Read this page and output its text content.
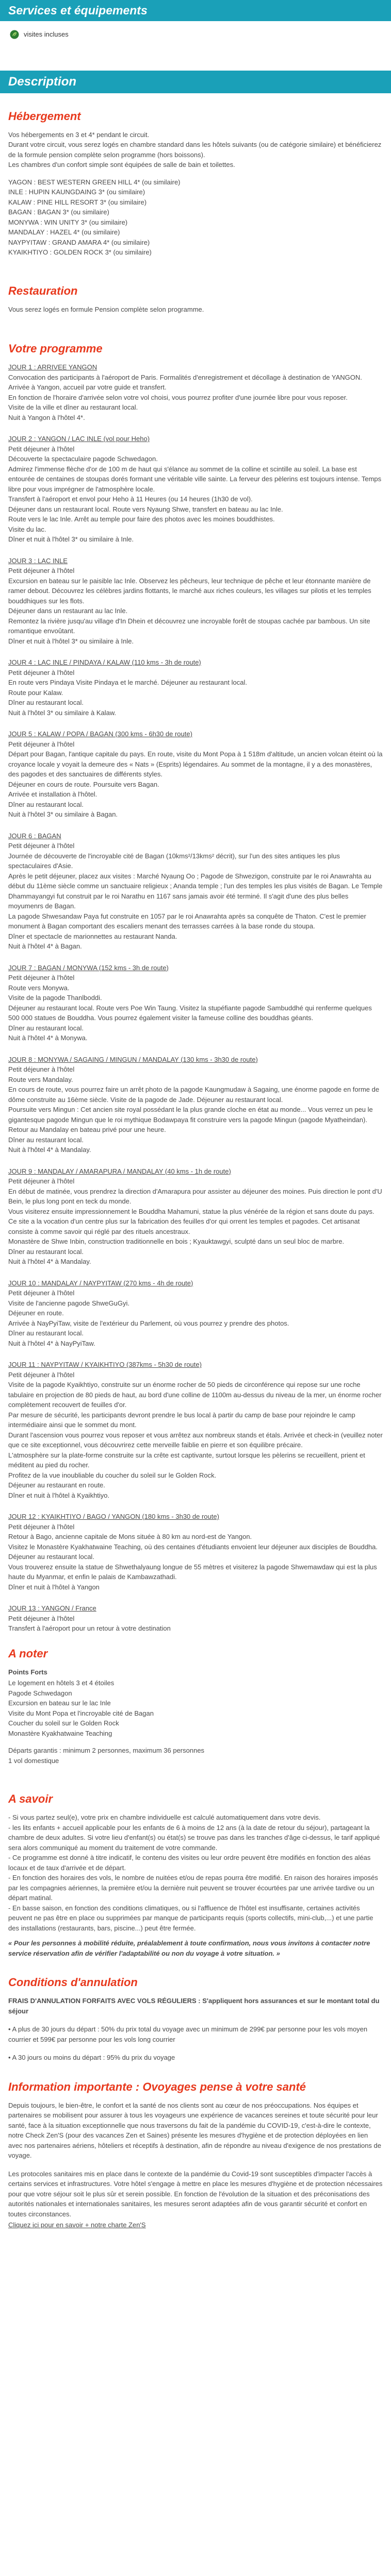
Services et équipements
visites incluses
Description
Hébergement

Vos hébergements en 3 et 4* pendant le circuit.

Durant votre circuit, vous serez logés en chambre standard dans les hôtels suivants (ou de catégorie similaire) et bénéficierez de la formule pension complète selon programme (hors boissons).

Les chambres d'un confort simple sont équipées de salle de bain et toilettes.

YAGON : BEST WESTERN GREEN HILL 4* (ou similaire)

INLE : HUPIN KAUNGDAING 3* (ou similaire)

KALAW : PINE HILL RESORT 3* (ou similaire)

BAGAN : BAGAN 3* (ou similaire)

MONYWA : WIN UNITY 3* (ou similaire)

MANDALAY : HAZEL 4* (ou similaire)

NAYPYITAW : GRAND AMARA 4* (ou similaire)

KYAIKHTIYO : GOLDEN ROCK 3* (ou similaire)

Restauration

Vous serez logés en formule Pension complète selon programme.

Votre programme

JOUR 1 : ARRIVEE YANGON

Convocation des participants à l'aéroport de Paris. Formalités d'enregistrement et décollage à destination de YANGON.

Arrivée à Yangon, accueil par votre guide et transfert.

En fonction de l'horaire d'arrivée selon votre vol choisi, vous pourrez profiter d'une journée libre pour vous reposer.

Visite de la ville et dîner au restaurant local.

Nuit à Yangon à l'hôtel 4*.

JOUR 2 : YANGON / LAC INLE (vol pour Heho)

Petit déjeuner à l'hôtel

Découverte la spectaculaire pagode Schwedagon.

Admirez l'immense flèche d'or de 100 m de haut qui s'élance au sommet de la colline et scintille au soleil. La base est entourée de centaines de stoupas dorés formant une véritable ville sainte. La ferveur des pèlerins est toujours intense. Temps libre pour vous imprégner de l'atmosphère locale.

Transfert à l'aéroport et envol pour Heho à 11 Heures (ou 14 heures (1h30 de vol).

Déjeuner dans un restaurant local. Route vers Nyaung Shwe, transfert en bateau au lac Inle.

Route vers le lac Inle. Arrêt au temple pour faire des photos avec les moines bouddhistes.

Visite du lac.

Dîner et nuit à l'hôtel 3* ou similaire à Inle.

JOUR 3 : LAC INLE

Petit déjeuner à l'hôtel

Excursion en bateau sur le paisible lac Inle. Observez les pêcheurs, leur technique de pêche et leur étonnante manière de ramer debout. Découvrez les célèbres jardins flottants, le marché aux riches couleurs, les villages sur pilotis et les temples bouddhiques sur les flots.

Déjeuner dans un restaurant au lac Inle.

Remontez la rivière jusqu'au village d'In Dhein et découvrez une incroyable forêt de stoupas cachée par bambous. Un site romantique envoûtant.

Dîner et nuit à l'hôtel 3* ou similaire à Inle.

JOUR 4 : LAC INLE / PINDAYA / KALAW (110 kms - 3h de route)

Petit déjeuner à l'hôtel

En route vers Pindaya Visite Pindaya et le marché. Déjeuner au restaurant local.

Route pour Kalaw.

Dîner au restaurant local.

Nuit à l'hôtel 3* ou similaire à Kalaw.

JOUR 5 : KALAW / POPA / BAGAN (300 kms - 6h30 de route)

Petit déjeuner à l'hôtel

Départ pour Bagan, l'antique capitale du pays. En route, visite du Mont Popa à 1 518m d'altitude, un ancien volcan éteint où la croyance locale y voyait la demeure des « Nats » (Esprits) légendaires. Au sommet de la montagne, il y a des monastères, des pagodes et des sanctuaires de différents styles.

Déjeuner en cours de route. Poursuite vers Bagan.

Arrivée et installation à l'hôtel.

Dîner au restaurant local.

Nuit à l'hôtel 3* ou similaire à Bagan.

JOUR 6 : BAGAN

Petit déjeuner à l'hôtel

Journée de découverte de l'incroyable cité de Bagan (10kms²/13kms² décrit), sur l'un des sites antiques les plus spectaculaires d'Asie.

Après le petit déjeuner, placez aux visites : Marché Nyaung Oo ; Pagode de Shwezigon, construite par le roi Anawrahta au début du 11ème siècle comme un sanctuaire religieux ; Ananda temple ; l'un des temples les plus visités de Bagan. Le Temple Dhammayangyi fut construit par le roi Narathu en 1167 sans jamais avoir été terminé. Il s'agit d'une des plus belles moyumenrs de Bagan.

La pagode Shwesandaw Paya fut construite en 1057 par le roi Anawrahta après sa conquête de Thaton. C'est le premier monument à Bagan comportant des escaliers menant des terrasses carrées à la base ronde du stoupa.

Dîner et spectacle de marionnettes au restaurant Nanda.

Nuit à l'hôtel 4* à Bagan.

JOUR 7 : BAGAN / MONYWA (152 kms - 3h de route)

Petit déjeuner à l'hôtel

Route vers Monywa.

Visite de la pagode Thanlboddi.

Déjeuner au restaurant local. Route vers Poe Win Taung. Visitez la stupéfiante pagode Sambuddhé qui renferme quelques 500 000 statues de Bouddha. Vous pourrez également visiter la fameuse colline des bouddhas géants.

Dîner au restaurant local.

Nuit à l'hôtel 4* à Monywa.

JOUR 8 : MONYWA / SAGAING / MINGUN / MANDALAY (130 kms - 3h30 de route)

Petit déjeuner à l'hôtel

Route vers Mandalay.

En cours de route, vous pourrez faire un arrêt photo de la pagode Kaungmudaw à Sagaing, une énorme pagode en forme de dôme construite au 16ème siècle. Visite de la pagode de Jade. Déjeuner au restaurant local.

Poursuite vers Mingun : Cet ancien site royal possédant le la plus grande cloche en état au monde... Vous verrez un peu le gigantesque pagode Mingun que le roi mythique Bodawpaya fit construire vers la pagode Mingun (pagode Myatheindan).

Retour au Mandalay en bateau privé pour une heure.

Dîner au restaurant local.

Nuit à l'hôtel 4* à Mandalay.

JOUR 9 : MANDALAY / AMARAPURA / MANDALAY (40 kms - 1h de route)

Petit déjeuner à l'hôtel

En début de matinée, vous prendrez la direction d'Amarapura pour assister au déjeuner des moines. Puis direction le pont d'U Bein, le plus long pont en teck du monde.

Vous visiterez ensuite impressionnement le Bouddha Mahamuni, statue la plus vénérée de la région et sans doute du pays. Ce site a la vocation d'un centre plus sur la fabrication des feuilles d'or qui orrent les temples et pagodes. Cet artisanat consiste à comme savoir qui réglé par des rituels ancestraux.

Monastère de Shwe Inbin, construction traditionnelle en bois ; Kyauktawgyi, sculpté dans un seul bloc de marbre.

Dîner au restaurant local.

Nuit à l'hôtel 4* à Mandalay.

JOUR 10 : MANDALAY / NAYPYITAW (270 kms - 4h de route)

Petit déjeuner à l'hôtel

Visite de l'ancienne pagode ShweGuGyi.

Déjeuner en route.

Arrivée à NayPyiTaw, visite de l'extérieur du Parlement, où vous pourrez y prendre des photos.

Dîner au restaurant local.

Nuit à l'hôtel 4* à NayPyiTaw.

JOUR 11 : NAYPYITAW / KYAIKHTIYO (387kms - 5h30 de route)

Petit déjeuner à l'hôtel

Visite de la pagode Kyaikhtiyo, construite sur un énorme rocher de 50 pieds de circonférence qui repose sur une roche tabulaire en projection de 80 pieds de haut, au bord d'une colline de 1100m au-dessus du niveau de la mer, un énorme rocher complètement recouvert de feuilles d'or.

Par mesure de sécurité, les participants devront prendre le bus local à partir du camp de base pour rejoindre le camp intermédiaire ainsi que le sommet du mont.

Durant l'ascension vous pourrez vous reposer et vous arrêtez aux nombreux stands et étals. Arrivée et check-in (veuillez noter que ce site exceptionnel, vous découvrirez cette merveille faiblie en pierre et son équilibre précaire.

L'atmosphère sur la plate-forme construite sur la crête est captivante, surtout lorsque les pèlerins se recueillent, prient et méditent au pied du rocher.

Profitez de la vue inoubliable du coucher du soleil sur le Golden Rock.

Déjeuner au restaurant en route.

Dîner et nuit à l'hôtel à Kyaikhtiyo.

JOUR 12 : KYAIKHTIYO / BAGO / YANGON (180 kms - 3h30 de route)

Petit déjeuner à l'hôtel

Retour à Bago, ancienne capitale de Mons située à 80 km au nord-est de Yangon.

Visitez le Monastère Kyakhatwaine Teaching, où des centaines d'étudiants envoient leur déjeuner aux disciples de Bouddha.

Déjeuner au restaurant local.

Vous trouverez ensuite la statue de Shwethalyaung longue de 55 mètres et visiterez la pagode Shwemawdaw qui est la plus haute du Myanmar, et enfin le palais de Kambawzathadi.

Dîner et nuit à l'hôtel à Yangon

JOUR 13 : YANGON / France

Petit déjeuner à l'hôtel

Transfert à l'aéroport pour un retour à votre destination

A noter

Points Forts

Le logement en hôtels 3 et 4 étoiles

Pagode Schwedagon

Excursion en bateau sur le lac Inle

Visite du Mont Popa et l'incroyable cité de Bagan

Coucher du soleil sur le Golden Rock

Monastère Kyakhatwaine Teaching

Départs garantis : minimum 2 personnes, maximum 36 personnes

1 vol domestique

A savoir

- Si vous partez seul(e), votre prix en chambre individuelle est calculé automatiquement dans votre devis.

- les lits enfants + accueil applicable pour les enfants de 6 à moins de 12 ans (à la date de retour du séjour), partageant la chambre de deux adultes. Si votre lieu d'enfant(s) ou état(s) se trouve pas dans les tranches d'âge ci-dessus, le tarif appliqué sera alors communiqué au moment du traitement de votre commande.

- Ce programme est donné à titre indicatif, le contenu des visites ou leur ordre peuvent être modifiés en fonction des aléas locaux et de taux d'arrivée et de départ.

- En fonction des horaires des vols, le nombre de nuitées et/ou de repas pourra être modifié. En raison des horaires imposés par les compagnies aériennes, la première et/ou la dernière nuit peuvent se trouver écourtées par une arrivée tardive ou un départ matinal.

- En basse saison, en fonction des conditions climatiques, ou si l'affluence de l'hôtel est insuffisante, certaines activités peuvent ne pas être en place ou supprimées par manque de participants requis (sports collectifs, mini-club,...) et une partie des installations (restaurants, bars, piscine...) peut être fermée.

« Pour les personnes à mobilité réduite, préalablement à toute confirmation, nous vous invitons à contacter notre service réservation afin de vérifier l'adaptabilité ou non du voyage à votre situation. »

Conditions d'annulation

FRAIS D'ANNULATION FORFAITS AVEC VOLS RÉGULIERS : S'appliquent hors assurances et sur le montant total du séjour

• A plus de 30 jours du départ : 50% du prix total du voyage avec un minimum de 299€ par personne pour les vols moyen courrier et 599€ par personne pour les vols long courrier

• A 30 jours ou moins du départ : 95% du prix du voyage

Information importante : Ovoyages pense à votre santé

Depuis toujours, le bien-être, le confort et la santé de nos clients sont au cœur de nos préoccupations. Nos équipes et partenaires se mobilisent pour assurer à tous les voyageurs une expérience de vacances sereines et toute sécurité pour leur santé, face à la situation exceptionnelle que nous traversons du fait de la pandémie du COVID-19, c'est-à-dire le contexte, notre Check Zen'S (pour des vacances Zen et Saines) présente les mesures d'hygiène et de protection déployées en lien avec nos partenaires aériens, hôteliers et réceptifs à destination, afin de répondre au niveau d'exigence de nos prestations de voyage.

Les protocoles sanitaires mis en place dans le contexte de la pandémie du Covid-19 sont susceptibles d'impacter l'accès à certains services et infrastructures. Votre hôtel s'engage à mettre en place les mesures d'hygiène et de protection nécessaires pour que votre séjour soit le plus sûr et serein possible. En fonction de l'évolution de la situation et des préconisations des autorités nationales et internationales sanitaires, les mesures seront adaptées afin de vous garantir sécurité et confort en toutes circonstances.

Cliquez ici pour en savoir + notre charte Zen'S
